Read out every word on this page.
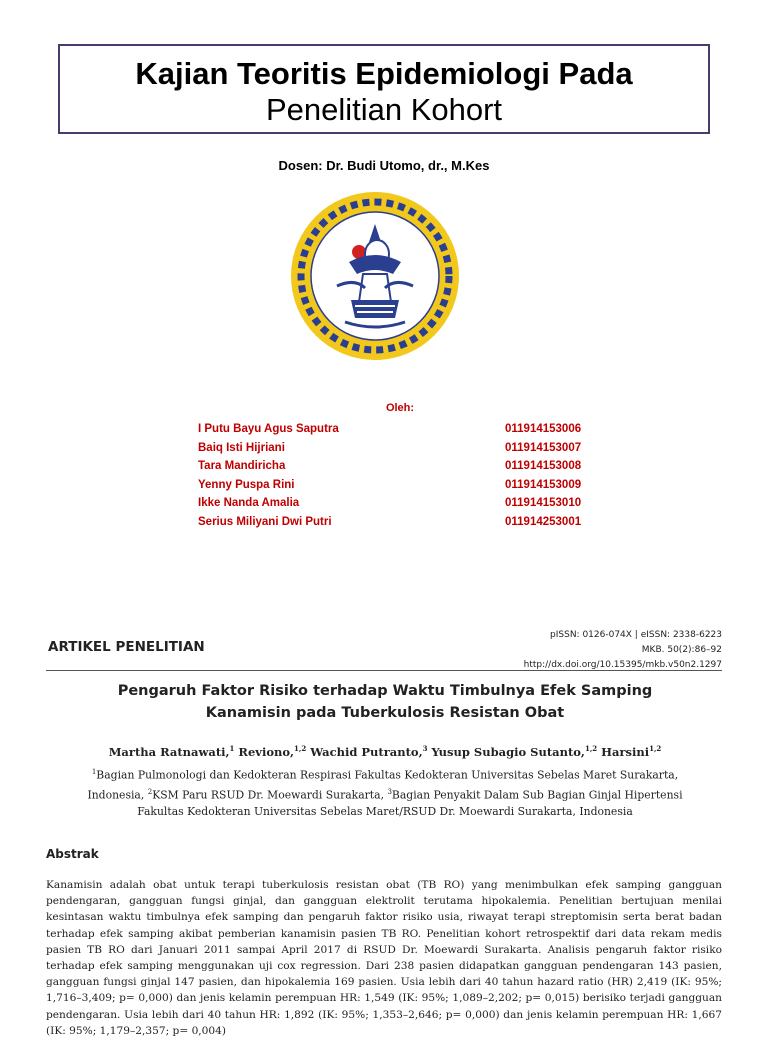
Kajian Teoritis Epidemiologi Pada
Penelitian Kohort
Dosen: Dr. Budi Utomo, dr., M.Kes
Oleh:
I Putu Bayu Agus Saputra	011914153006
Baiq Isti Hijriani	011914153007
Tara Mandiricha	011914153008
Yenny Puspa Rini	011914153009
Ikke Nanda Amalia	011914153010
Serius Miliyani Dwi Putri	011914253001
ARTIKEL PENELITIAN
pISSN: 0126-074X | eISSN: 2338-6223
MKB. 50(2):86–92
http://dx.doi.org/10.15395/mkb.v50n2.1297
Pengaruh Faktor Risiko terhadap Waktu Timbulnya Efek Samping
Kanamisin pada Tuberkulosis Resistan Obat
Martha Ratnawati,$^1$ Reviono,$^{1,2}$ Wachid Putranto,$^3$ Yusup Subagio Sutanto,$^{1,2}$ Harsini$^{1,2}$
$^1$Bagian Pulmonologi dan Kedokteran Respirasi Fakultas Kedokteran Universitas Sebelas Maret Surakarta,
Indonesia, $^2$KSM Paru RSUD Dr. Moewardi Surakarta, $^3$Bagian Penyakit Dalam Sub Bagian Ginjal Hipertensi
Fakultas Kedokteran Universitas Sebelas Maret/RSUD Dr. Moewardi Surakarta, Indonesia
Abstrak
Kanamisin adalah obat untuk terapi tuberkulosis resistan obat (TB RO) yang menimbulkan efek samping gangguan pendengaran, gangguan fungsi ginjal, dan gangguan elektrolit terutama hipokalemia. Penelitian bertujuan menilai kesintasan waktu timbulnya efek samping dan pengaruh faktor risiko usia, riwayat terapi streptomisin serta berat badan terhadap efek samping akibat pemberian kanamisin pasien TB RO. Penelitian kohort retrospektif dari data rekam medis pasien TB RO dari Januari 2011 sampai April 2017 di RSUD Dr. Moewardi Surakarta. Analisis pengaruh faktor risiko terhadap efek samping menggunakan uji cox regression. Dari 238 pasien didapatkan gangguan pendengaran 143 pasien, gangguan fungsi ginjal 147 pasien, dan hipokalemia 169 pasien. Usia lebih dari 40 tahun hazard ratio (HR) 2,419 (IK: 95%; 1,716–3,409; p= 0,000) dan jenis kelamin perempuan HR: 1,549 (IK: 95%; 1,089–2,202; p= 0,015) berisiko terjadi gangguan pendengaran. Usia lebih dari 40 tahun HR: 1,892 (IK: 95%; 1,353–2,646; p= 0,000) dan jenis kelamin perempuan HR: 1,667 (IK: 95%; 1,179–2,357; p= 0,004)
